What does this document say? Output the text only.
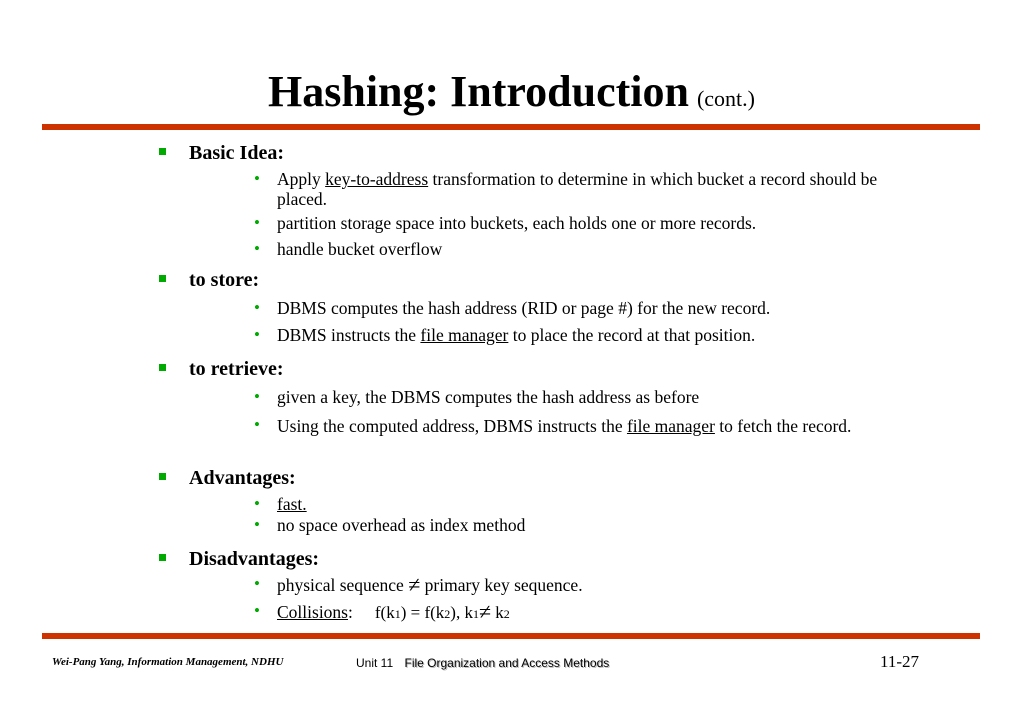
Hashing: Introduction (cont.)
Basic Idea:
• Apply key-to-address transformation to determine in which bucket a record should be placed.
• partition storage space into buckets, each holds one or more records.
• handle bucket overflow
to store:
• DBMS computes the hash address (RID or page #) for the new record.
• DBMS instructs the file manager to place the record at that position.
to retrieve:
• given a key, the DBMS computes the hash address as before
• Using the computed address, DBMS instructs the file manager to fetch the record.
Advantages:
• fast.
• no space overhead as index method
Disadvantages:
• physical sequence ≠ primary key sequence.
• Collisions: f(k1) = f(k2), k1≠ k2
Wei-Pang Yang, Information Management, NDHU	Unit 11 File Organization and Access Methods	11-27
